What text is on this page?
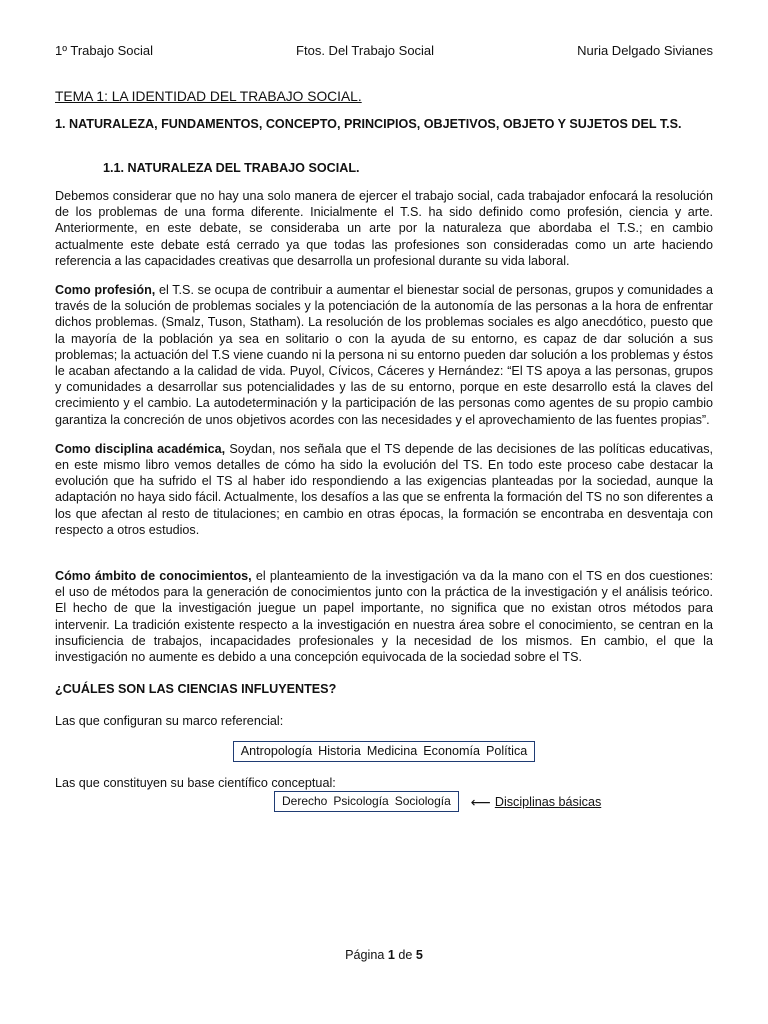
1º Trabajo Social	Ftos. Del Trabajo Social	Nuria Delgado Sivianes
TEMA 1: LA IDENTIDAD DEL TRABAJO SOCIAL.

1. NATURALEZA, FUNDAMENTOS, CONCEPTO, PRINCIPIOS, OBJETIVOS, OBJETO Y SUJETOS DEL T.S.

1.1. NATURALEZA DEL TRABAJO SOCIAL.

Debemos considerar que no hay una solo manera de ejercer el trabajo social, cada trabajador enfocará la resolución de los problemas de una forma diferente. Inicialmente el T.S. ha sido definido como profesión, ciencia y arte. Anteriormente, en este debate, se consideraba un arte por la naturaleza que abordaba el T.S.; en cambio actualmente este debate está cerrado ya que todas las profesiones son consideradas como un arte haciendo referencia a las capacidades creativas que desarrolla un profesional durante su vida laboral.

Como profesión, el T.S. se ocupa de contribuir a aumentar el bienestar social de personas, grupos y comunidades a través de la solución de problemas sociales y la potenciación de la autonomía de las personas a la hora de enfrentar dichos problemas. (Smalz, Tuson, Statham). La resolución de los problemas sociales es algo anecdótico, puesto que la mayoría de la población ya sea en solitario o con la ayuda de su entorno, es capaz de dar solución a sus problemas; la actuación del T.S viene cuando ni la persona ni su entorno pueden dar solución a los problemas y éstos le acaban afectando a la calidad de vida. Puyol, Cívicos, Cáceres y Hernández: “El TS apoya a las personas, grupos y comunidades a desarrollar sus potencialidades y las de su entorno, porque en este desarrollo está la claves del crecimiento y el cambio. La autodeterminación y la participación de las personas como agentes de su propio cambio garantiza la concreción de unos objetivos acordes con las necesidades y el aprovechamiento de las fuentes propias”.

Como disciplina académica, Soydan, nos señala que el TS depende de las decisiones de las políticas educativas, en este mismo libro vemos detalles de cómo ha sido la evolución del TS. En todo este proceso cabe destacar la evolución que ha sufrido el TS al haber ido respondiendo a las exigencias planteadas por la sociedad, aunque la adaptación no haya sido fácil. Actualmente, los desafíos a las que se enfrenta la formación del TS no son diferentes a los que afectan al resto de titulaciones; en cambio en otras épocas, la formación se encontraba en desventaja con respecto a otros estudios.

Cómo ámbito de conocimientos, el planteamiento de la investigación va da la mano con el TS en dos cuestiones: el uso de métodos para la generación de conocimientos junto con la práctica de la investigación y el análisis teórico. El hecho de que la investigación juegue un papel importante, no significa que no existan otros métodos para intervenir. La tradición existente respecto a la investigación en nuestra área sobre el conocimiento, se centran en la insuficiencia de trabajos, incapacidades profesionales y la necesidad de los mismos. En cambio, el que la investigación no aumente es debido a una concepción equivocada de la sociedad sobre el TS.

¿CUÁLES SON LAS CIENCIAS INFLUYENTES?

Las que configuran su marco referencial:

Antropología Historia Medicina Economía Política

Las que constituyen su base científico conceptual:

Derecho Psicología Sociología ⟵ Disciplinas básicas
Página 1 de 5
